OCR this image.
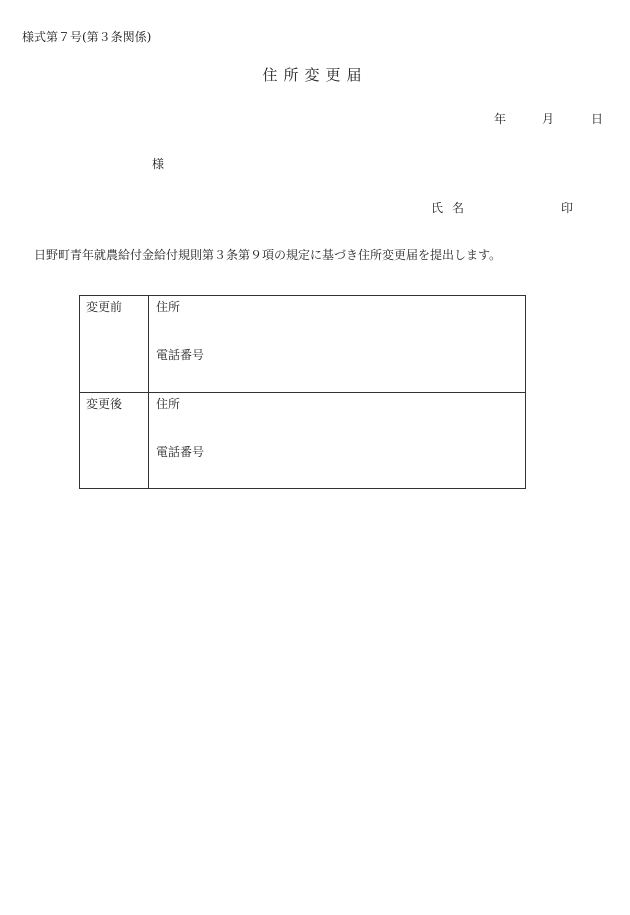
様式第７号(第３条関係)
住所変更届
年	月	日
様
氏名	印
日野町青年就農給付金給付規則第３条第９項の規定に基づき住所変更届を提出します。
変更前	住所
電話番号
変更後	住所
電話番号
